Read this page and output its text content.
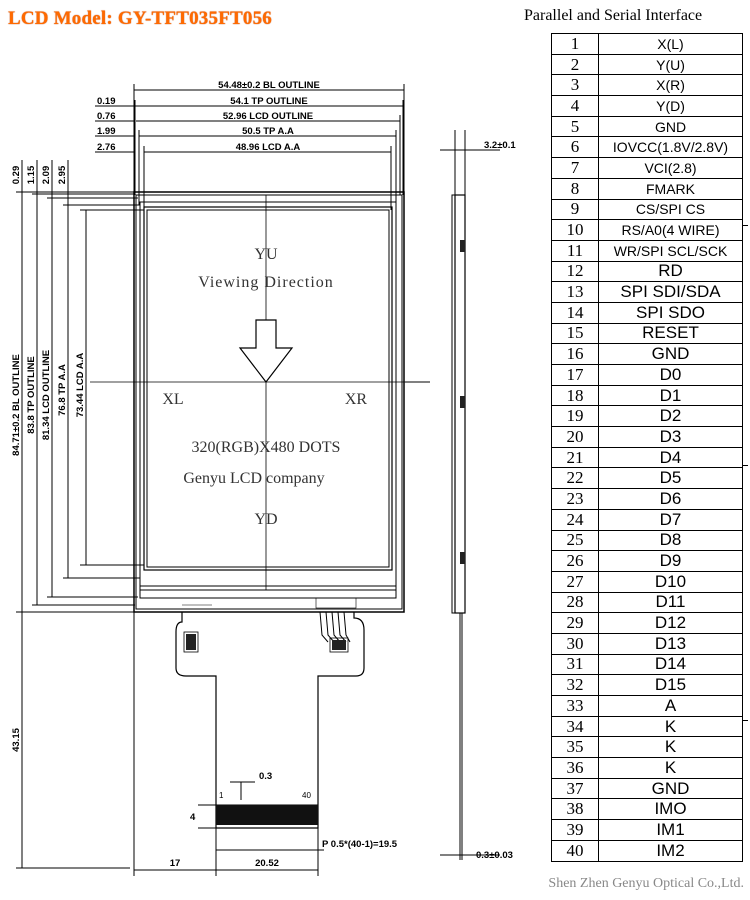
LCD Model: GY-TFT035FT056	Parallel and Serial Interface
54.48±0.2 BL OUTLINE
54.1 TP OUTLINE
52.96 LCD OUTLINE
50.5 TP A.A
48.96 LCD A.A
0.19
0.76
1.99
2.76
0.29 1.15 2.09 2.95
84.71±0.2 BL OUTLINE 83.8 TP OUTLINE 81.34 LCD OUTLINE 76.8 TP A.A 73.44 LCD A.A
43.15
17	20.52
P 0.5*(40-1)=19.5
0.3
4
1	40
3.2±0.1
0.3±0.03
YU
Viewing Direction
XL	XR
320(RGB)X480 DOTS
Genyu LCD company
YD
1	X(L)
2	Y(U)
3	X(R)
4	Y(D)
5	GND
6	IOVCC(1.8V/2.8V)
7	VCI(2.8)
8	FMARK
9	CS/SPI CS
10	RS/A0(4 WIRE)
11	WR/SPI SCL/SCK
12	RD
13	SPI SDI/SDA
14	SPI SDO
15	RESET
16	GND
17	D0
18	D1
19	D2
20	D3
21	D4
22	D5
23	D6
24	D7
25	D8
26	D9
27	D10
28	D11
29	D12
30	D13
31	D14
32	D15
33	A
34	K
35	K
36	K
37	GND
38	IMO
39	IM1
40	IM2
Shen Zhen Genyu Optical Co.,Ltd.
